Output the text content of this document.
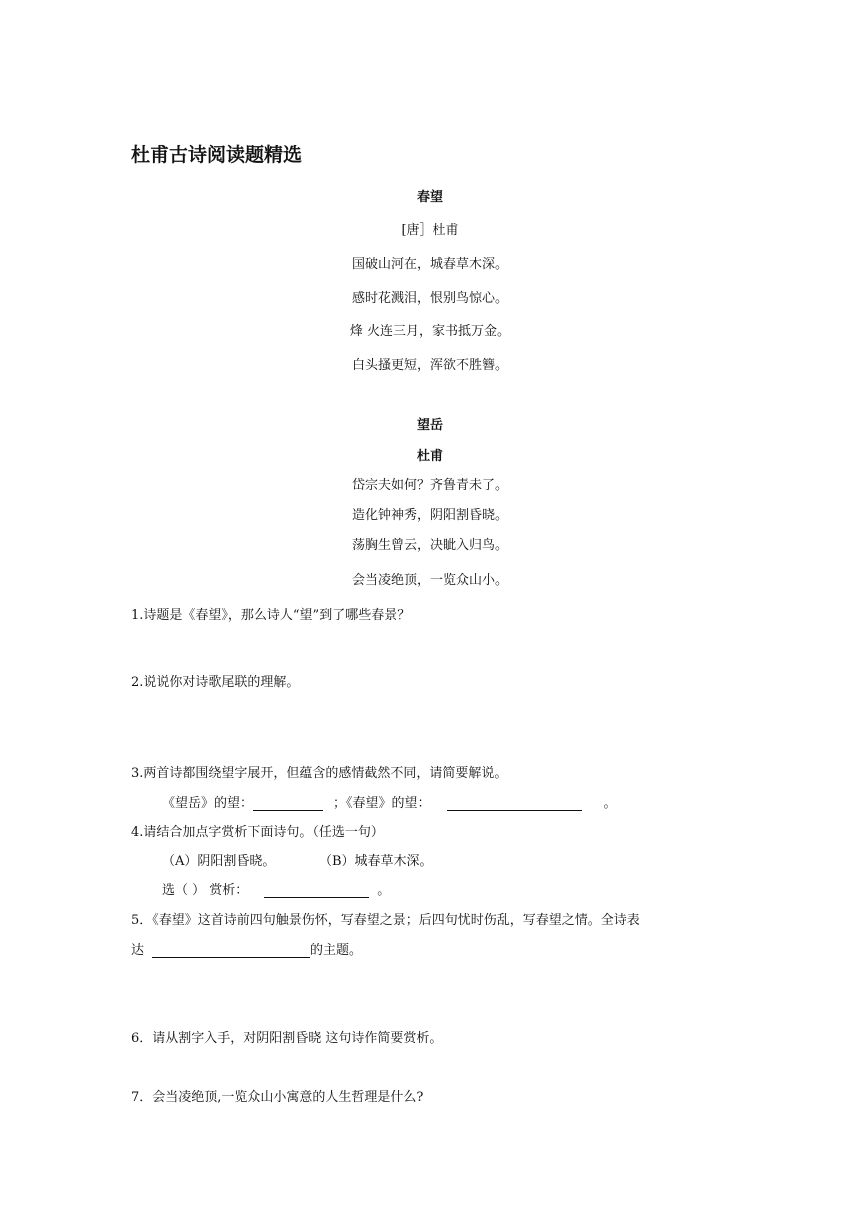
杜甫古诗阅读题精选
春望
[唐］杜甫
国破山河在，城春草木深。
感时花溅泪，恨别鸟惊心。
烽 火连三月，家书抵万金。
白头搔更短，浑欲不胜簪。
望岳
杜甫
岱宗夫如何？齐鲁青未了。
造化钟神秀，阴阳割昏晓。
荡胸生曾云，决眦入归鸟。
会当凌绝顶，一览众山小。
1.诗题是《春望》，那么诗人“望”到了哪些春景？
2.说说你对诗歌尾联的理解。
3.两首诗都围绕望字展开，但蕴含的感情截然不同，请简要解说。
《望岳》的望：	；《春望》的望：	。
4.请结合加点字赏析下面诗句。（任选一句）
（A）阴阳割昏晓。	（B）城春草木深。
选（ ） 赏析：	。
5．《春望》这首诗前四句触景伤怀，写春望之景；后四句忧时伤乱，写春望之情。全诗表
达	的主题。
6．请从割字入手，对阴阳割昏晓 这句诗作简要赏析。
7．会当凌绝顶,一览众山小寓意的人生哲理是什么?
